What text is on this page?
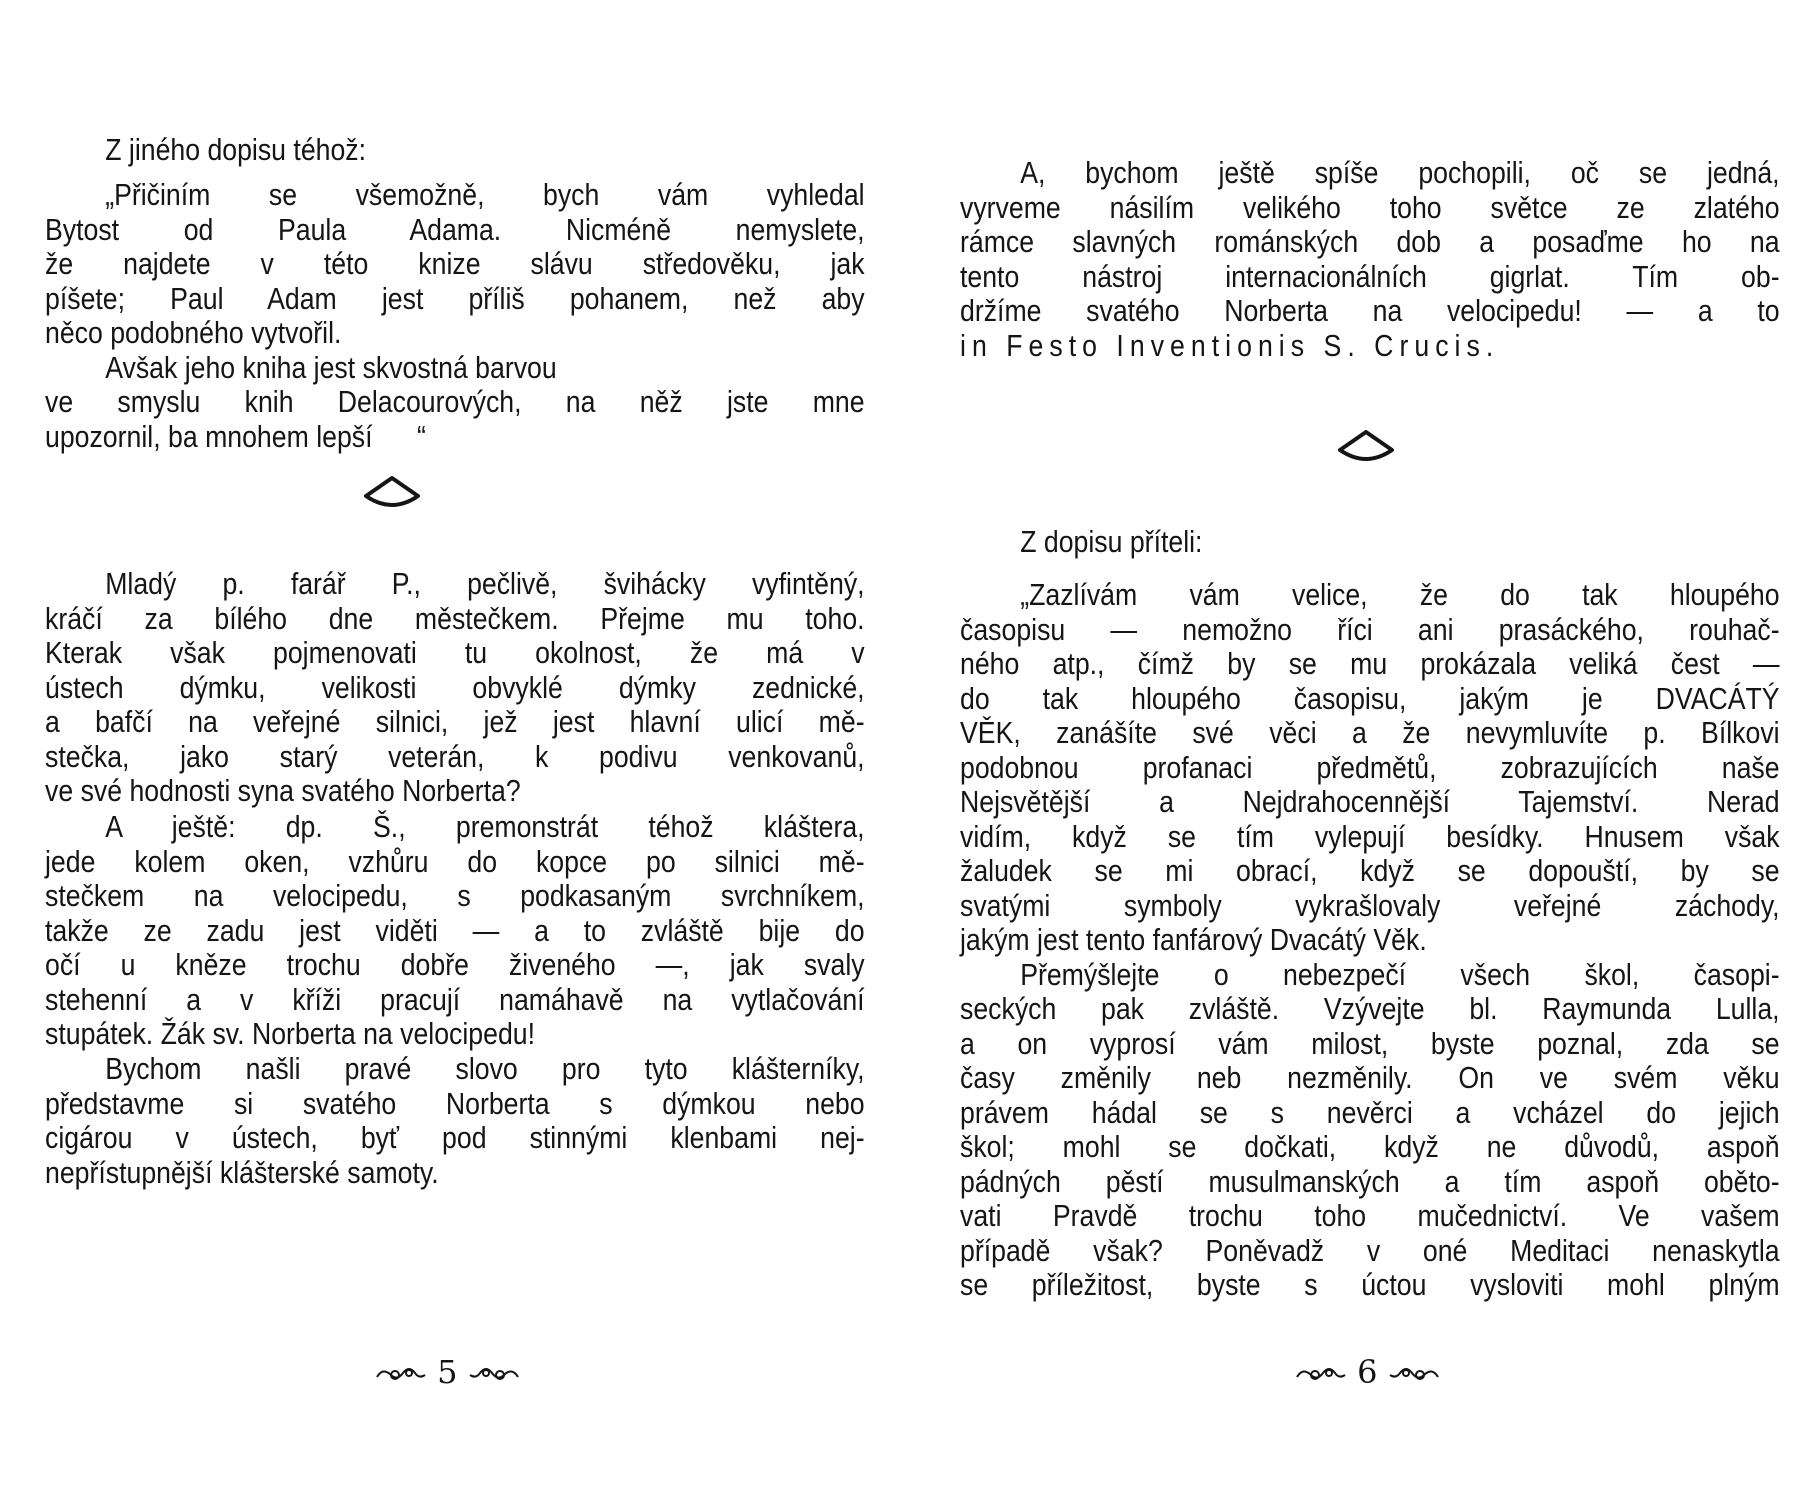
Z jiného dopisu téhož:
„Přičiním se všemožně, bych vám vyhledal
Bytost od Paula Adama. Nicméně nemyslete,
že najdete v této knize slávu středověku, jak
píšete; Paul Adam jest příliš pohanem, než aby
něco podobného vytvořil.
Avšak jeho kniha jest skvostná barvou
ve smyslu knih Delacourových, na něž jste mne
upozornil, ba mnohem lepší      “
Mladý p. farář P., pečlivě, švihácky vyfintěný,
kráčí za bílého dne městečkem. Přejme mu toho.
Kterak však pojmenovati tu okolnost, že má v
ústech dýmku, velikosti obvyklé dýmky zednické,
a bafčí na veřejné silnici, jež jest hlavní ulicí mě-
stečka, jako starý veterán, k podivu venkovanů,
ve své hodnosti syna svatého Norberta?
A ještě: dp. Š., premonstrát téhož kláštera,
jede kolem oken, vzhůru do kopce po silnici mě-
stečkem na velocipedu, s podkasaným svrchníkem,
takže ze zadu jest viděti — a to zvláště bije do
očí u kněze trochu dobře živeného —, jak svaly
stehenní a v kříži pracují namáhavě na vytlačování
stupátek. Žák sv. Norberta na velocipedu!
Bychom našli pravé slovo pro tyto klášterníky,
představme si svatého Norberta s dýmkou nebo
cigárou v ústech, byť pod stinnými klenbami nej-
nepřístupnější klášterské samoty.
5
A, bychom ještě spíše pochopili, oč se jedná,
vyrveme násilím velikého toho světce ze zlatého
rámce slavných románských dob a posaďme ho na
tento nástroj internacionálních gigrlat. Tím ob-
držíme svatého Norberta na velocipedu! — a to
in Festo Inventionis S. Crucis.
Z dopisu příteli:
„Zazlívám vám velice, že do tak hloupého
časopisu — nemožno říci ani prasáckého, rouhač-
ného atp., čímž by se mu prokázala veliká čest —
do tak hloupého časopisu, jakým je DVACÁTÝ
VĚK, zanášíte své věci a že nevymluvíte p. Bílkovi
podobnou profanaci předmětů, zobrazujících naše
Nejsvětější a Nejdrahocennější Tajemství. Nerad
vidím, když se tím vylepují besídky. Hnusem však
žaludek se mi obrací, když se dopouští, by se
svatými symboly vykrašlovaly veřejné záchody,
jakým jest tento fanfárový Dvacátý Věk.
Přemýšlejte o nebezpečí všech škol, časopi-
seckých pak zvláště. Vzývejte bl. Raymunda Lulla,
a on vyprosí vám milost, byste poznal, zda se
časy změnily neb nezměnily. On ve svém věku
právem hádal se s nevěrci a vcházel do jejich
škol; mohl se dočkati, když ne důvodů, aspoň
pádných pěstí musulmanských a tím aspoň oběto-
vati Pravdě trochu toho mučednictví. Ve vašem
případě však? Poněvadž v oné Meditaci nenaskytla
se příležitost, byste s úctou vysloviti mohl plným
6
